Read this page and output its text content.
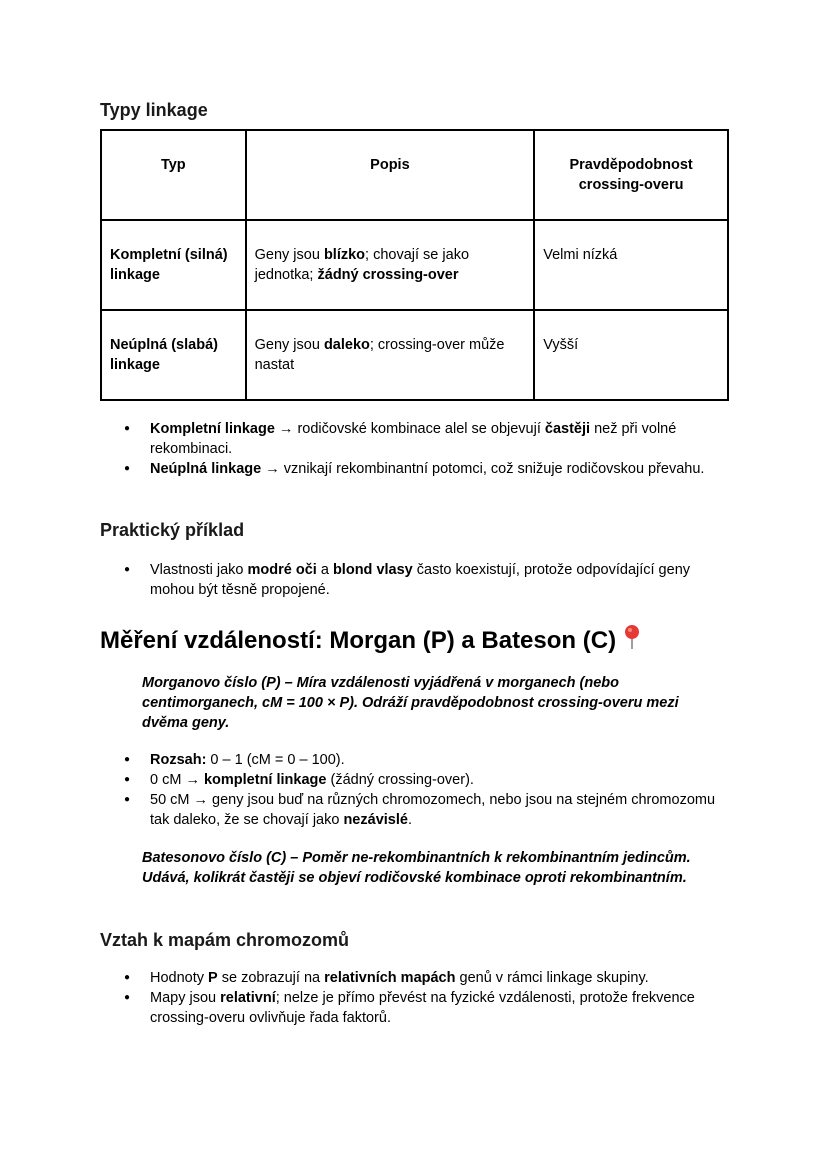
Typy linkage
Typ	Popis	Pravděpodobnost crossing-overu
Kompletní (silná) linkage	Geny jsou blízko; chovají se jako jednotka; žádný crossing-over	Velmi nízká
Neúplná (slabá) linkage	Geny jsou daleko; crossing-over může nastat	Vyšší
● Kompletní linkage → rodičovské kombinace alel se objevují častěji než při volné rekombinaci.
● Neúplná linkage → vznikají rekombinantní potomci, což snižuje rodičovskou převahu.
Praktický příklad
● Vlastnosti jako modré oči a blond vlasy často koexistují, protože odpovídající geny mohou být těsně propojené.
Měření vzdáleností: Morgan (P) a Bateson (C)

Morganovo číslo (P) – Míra vzdálenosti vyjádřená v morganech (nebo centimorganech, cM = 100 × P). Odráží pravděpodobnost crossing-overu mezi dvěma geny.

● Rozsah: 0 – 1 (cM = 0 – 100).
● 0 cM → kompletní linkage (žádný crossing-over).
● 50 cM → geny jsou buď na různých chromozomech, nebo jsou na stejném chromozomu tak daleko, že se chovají jako nezávislé.

Batesonovo číslo (C) – Poměr ne-rekombinantních k rekombinantním jedincům. Udává, kolikrát častěji se objeví rodičovské kombinace oproti rekombinantním.

Vztah k mapám chromozomů
● Hodnoty P se zobrazují na relativních mapách genů v rámci linkage skupiny.
● Mapy jsou relativní; nelze je přímo převést na fyzické vzdálenosti, protože frekvence crossing-overu ovlivňuje řada faktorů.
